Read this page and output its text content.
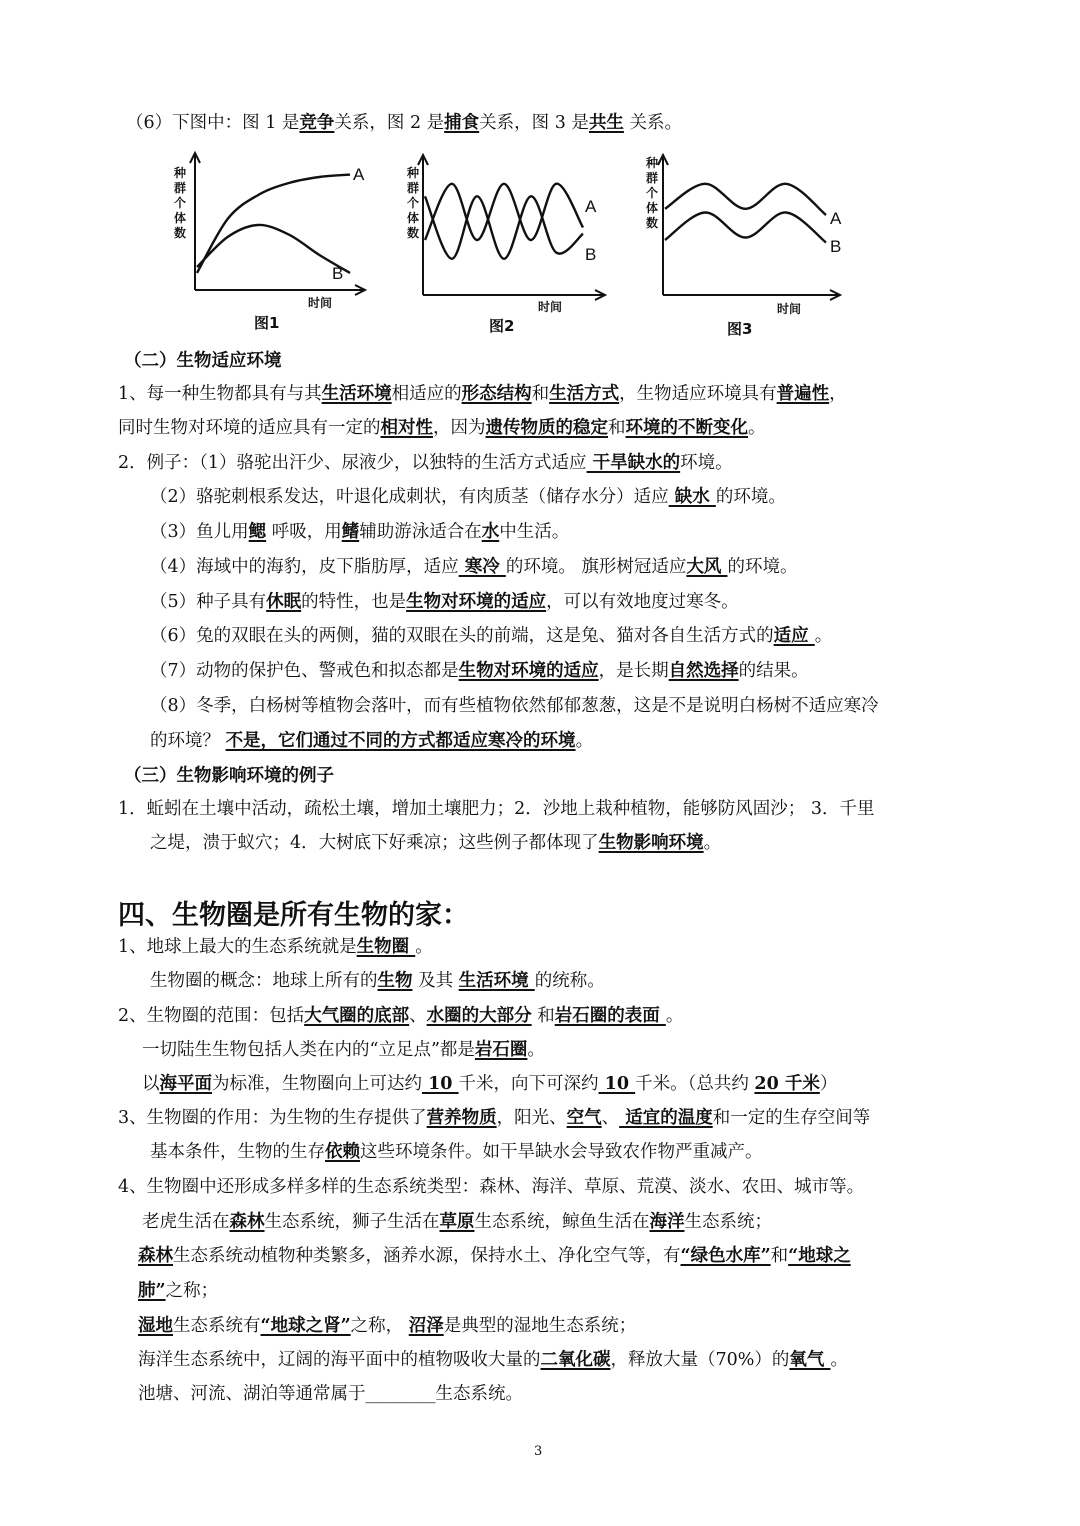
（6）下图中：图 1 是竞争关系，图 2 是捕食关系，图 3 是共生 关系。
种
群
个
体
数
A
B
时间
图1
种
群
个
体
数
A
B
时间
图2
种
群
个
体
数	A
B
时间
图3
（二）生物适应环境
1、每一种生物都具有与其生活环境相适应的形态结构和生活方式，生物适应环境具有普遍性，
同时生物对环境的适应具有一定的相对性，因为遗传物质的稳定和环境的不断变化。
2．例子：（1）骆驼出汗少、尿液少，以独特的生活方式适应 干旱缺水的环境。
（2）骆驼刺根系发达，叶退化成刺状，有肉质茎（储存水分）适应 缺水 的环境。
（3）鱼儿用鳃 呼吸，用鳍辅助游泳适合在水中生活。
（4）海域中的海豹，皮下脂肪厚，适应 寒冷 的环境。 旗形树冠适应大风 的环境。
（5）种子具有休眠的特性，也是生物对环境的适应，可以有效地度过寒冬。
（6）兔的双眼在头的两侧，猫的双眼在头的前端，这是兔、猫对各自生活方式的适应 。
（7）动物的保护色、警戒色和拟态都是生物对环境的适应，是长期自然选择的结果。
（8）冬季，白杨树等植物会落叶，而有些植物依然郁郁葱葱，这是不是说明白杨树不适应寒冷
的环境？ 不是，它们通过不同的方式都适应寒冷的环境。
（三）生物影响环境的例子
1．蚯蚓在土壤中活动，疏松土壤，增加土壤肥力；2．沙地上栽种植物，能够防风固沙； 3．千里
之堤，溃于蚁穴；4．大树底下好乘凉；这些例子都体现了生物影响环境。
四、生物圈是所有生物的家：
1、地球上最大的生态系统就是生物圈 。
生物圈的概念：地球上所有的生物 及其 生活环境 的统称。
2、生物圈的范围：包括大气圈的底部、水圈的大部分 和岩石圈的表面 。
一切陆生生物包括人类在内的“立足点”都是岩石圈。
以海平面为标准，生物圈向上可达约 10 千米，向下可深约 10 千米。（总共约 20 千米）
3、生物圈的作用：为生物的生存提供了营养物质，阳光、空气、 适宜的温度和一定的生存空间等
基本条件，生物的生存依赖这些环境条件。如干旱缺水会导致农作物严重减产。
4、生物圈中还形成多样多样的生态系统类型：森林、海洋、草原、荒漠、淡水、农田、城市等。
老虎生活在森林生态系统，狮子生活在草原生态系统，鲸鱼生活在海洋生态系统；
森林生态系统动植物种类繁多，涵养水源，保持水土、净化空气等，有“绿色水库”和“地球之
肺”之称；
湿地生态系统有“地球之肾”之称， 沼泽是典型的湿地生态系统；
海洋生态系统中，辽阔的海平面中的植物吸收大量的二氧化碳，释放大量（70%）的氧气 。
池塘、河流、湖泊等通常属于________生态系统。
3
